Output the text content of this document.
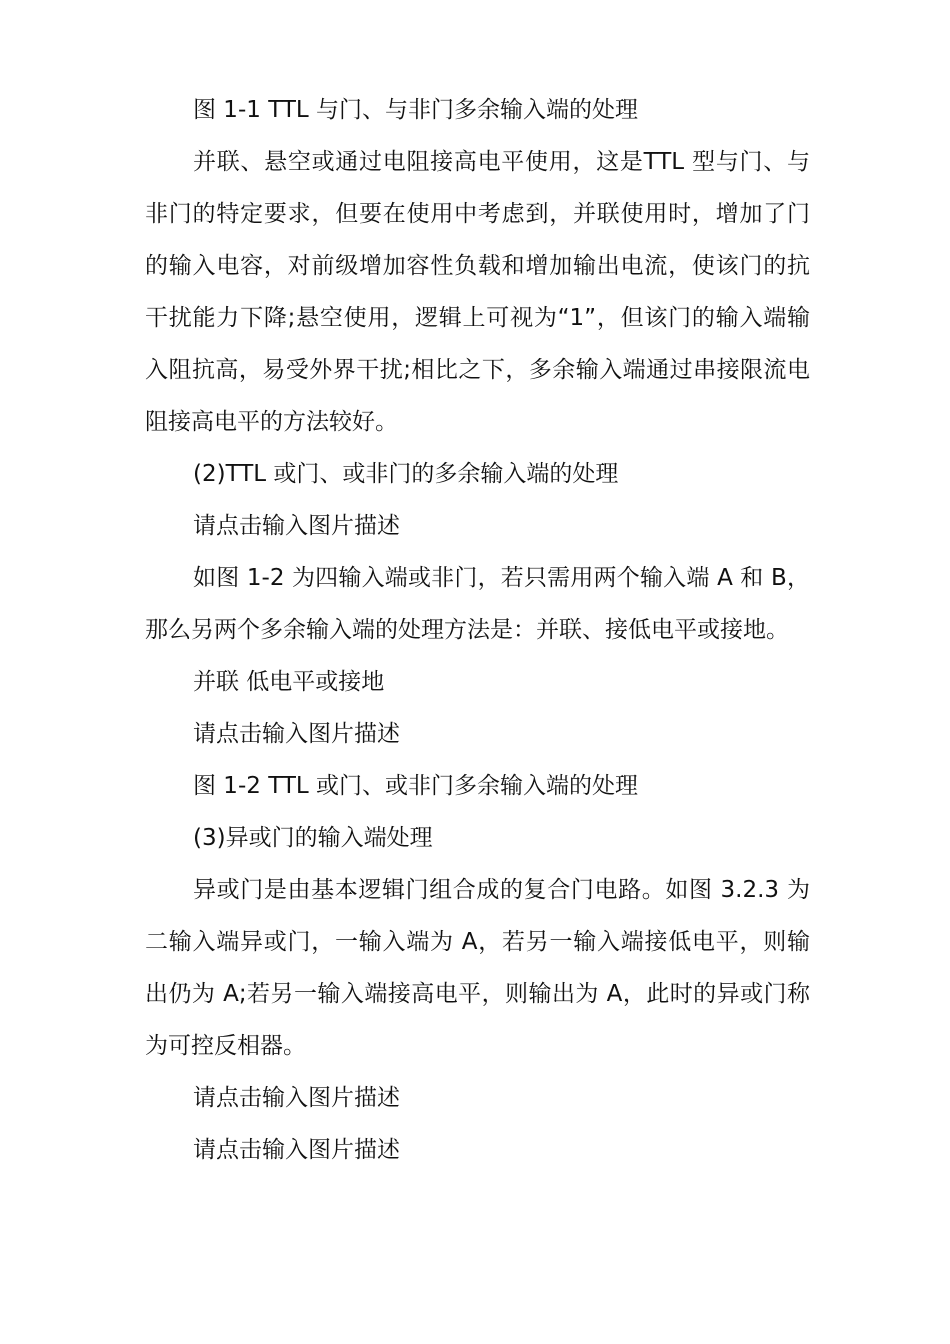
图 1-1 TTL 与门、与非门多余输入端的处理

并联、悬空或通过电阻接高电平使用，这是TTL 型与门、与非门的特定要求，但要在使用中考虑到，并联使用时，增加了门的输入电容，对前级增加容性负载和增加输出电流，使该门的抗干扰能力下降;悬空使用，逻辑上可视为“1”，但该门的输入端输入阻抗高，易受外界干扰;相比之下，多余输入端通过串接限流电阻接高电平的方法较好。

(2)TTL 或门、或非门的多余输入端的处理

请点击输入图片描述

如图 1-2 为四输入端或非门，若只需用两个输入端 A 和 B，那么另两个多余输入端的处理方法是：并联、接低电平或接地。

并联 低电平或接地

请点击输入图片描述

图 1-2 TTL 或门、或非门多余输入端的处理

(3)异或门的输入端处理

异或门是由基本逻辑门组合成的复合门电路。如图 3.2.3 为二输入端异或门，一输入端为 A，若另一输入端接低电平，则输出仍为 A;若另一输入端接高电平，则输出为 A，此时的异或门称为可控反相器。

请点击输入图片描述

请点击输入图片描述
